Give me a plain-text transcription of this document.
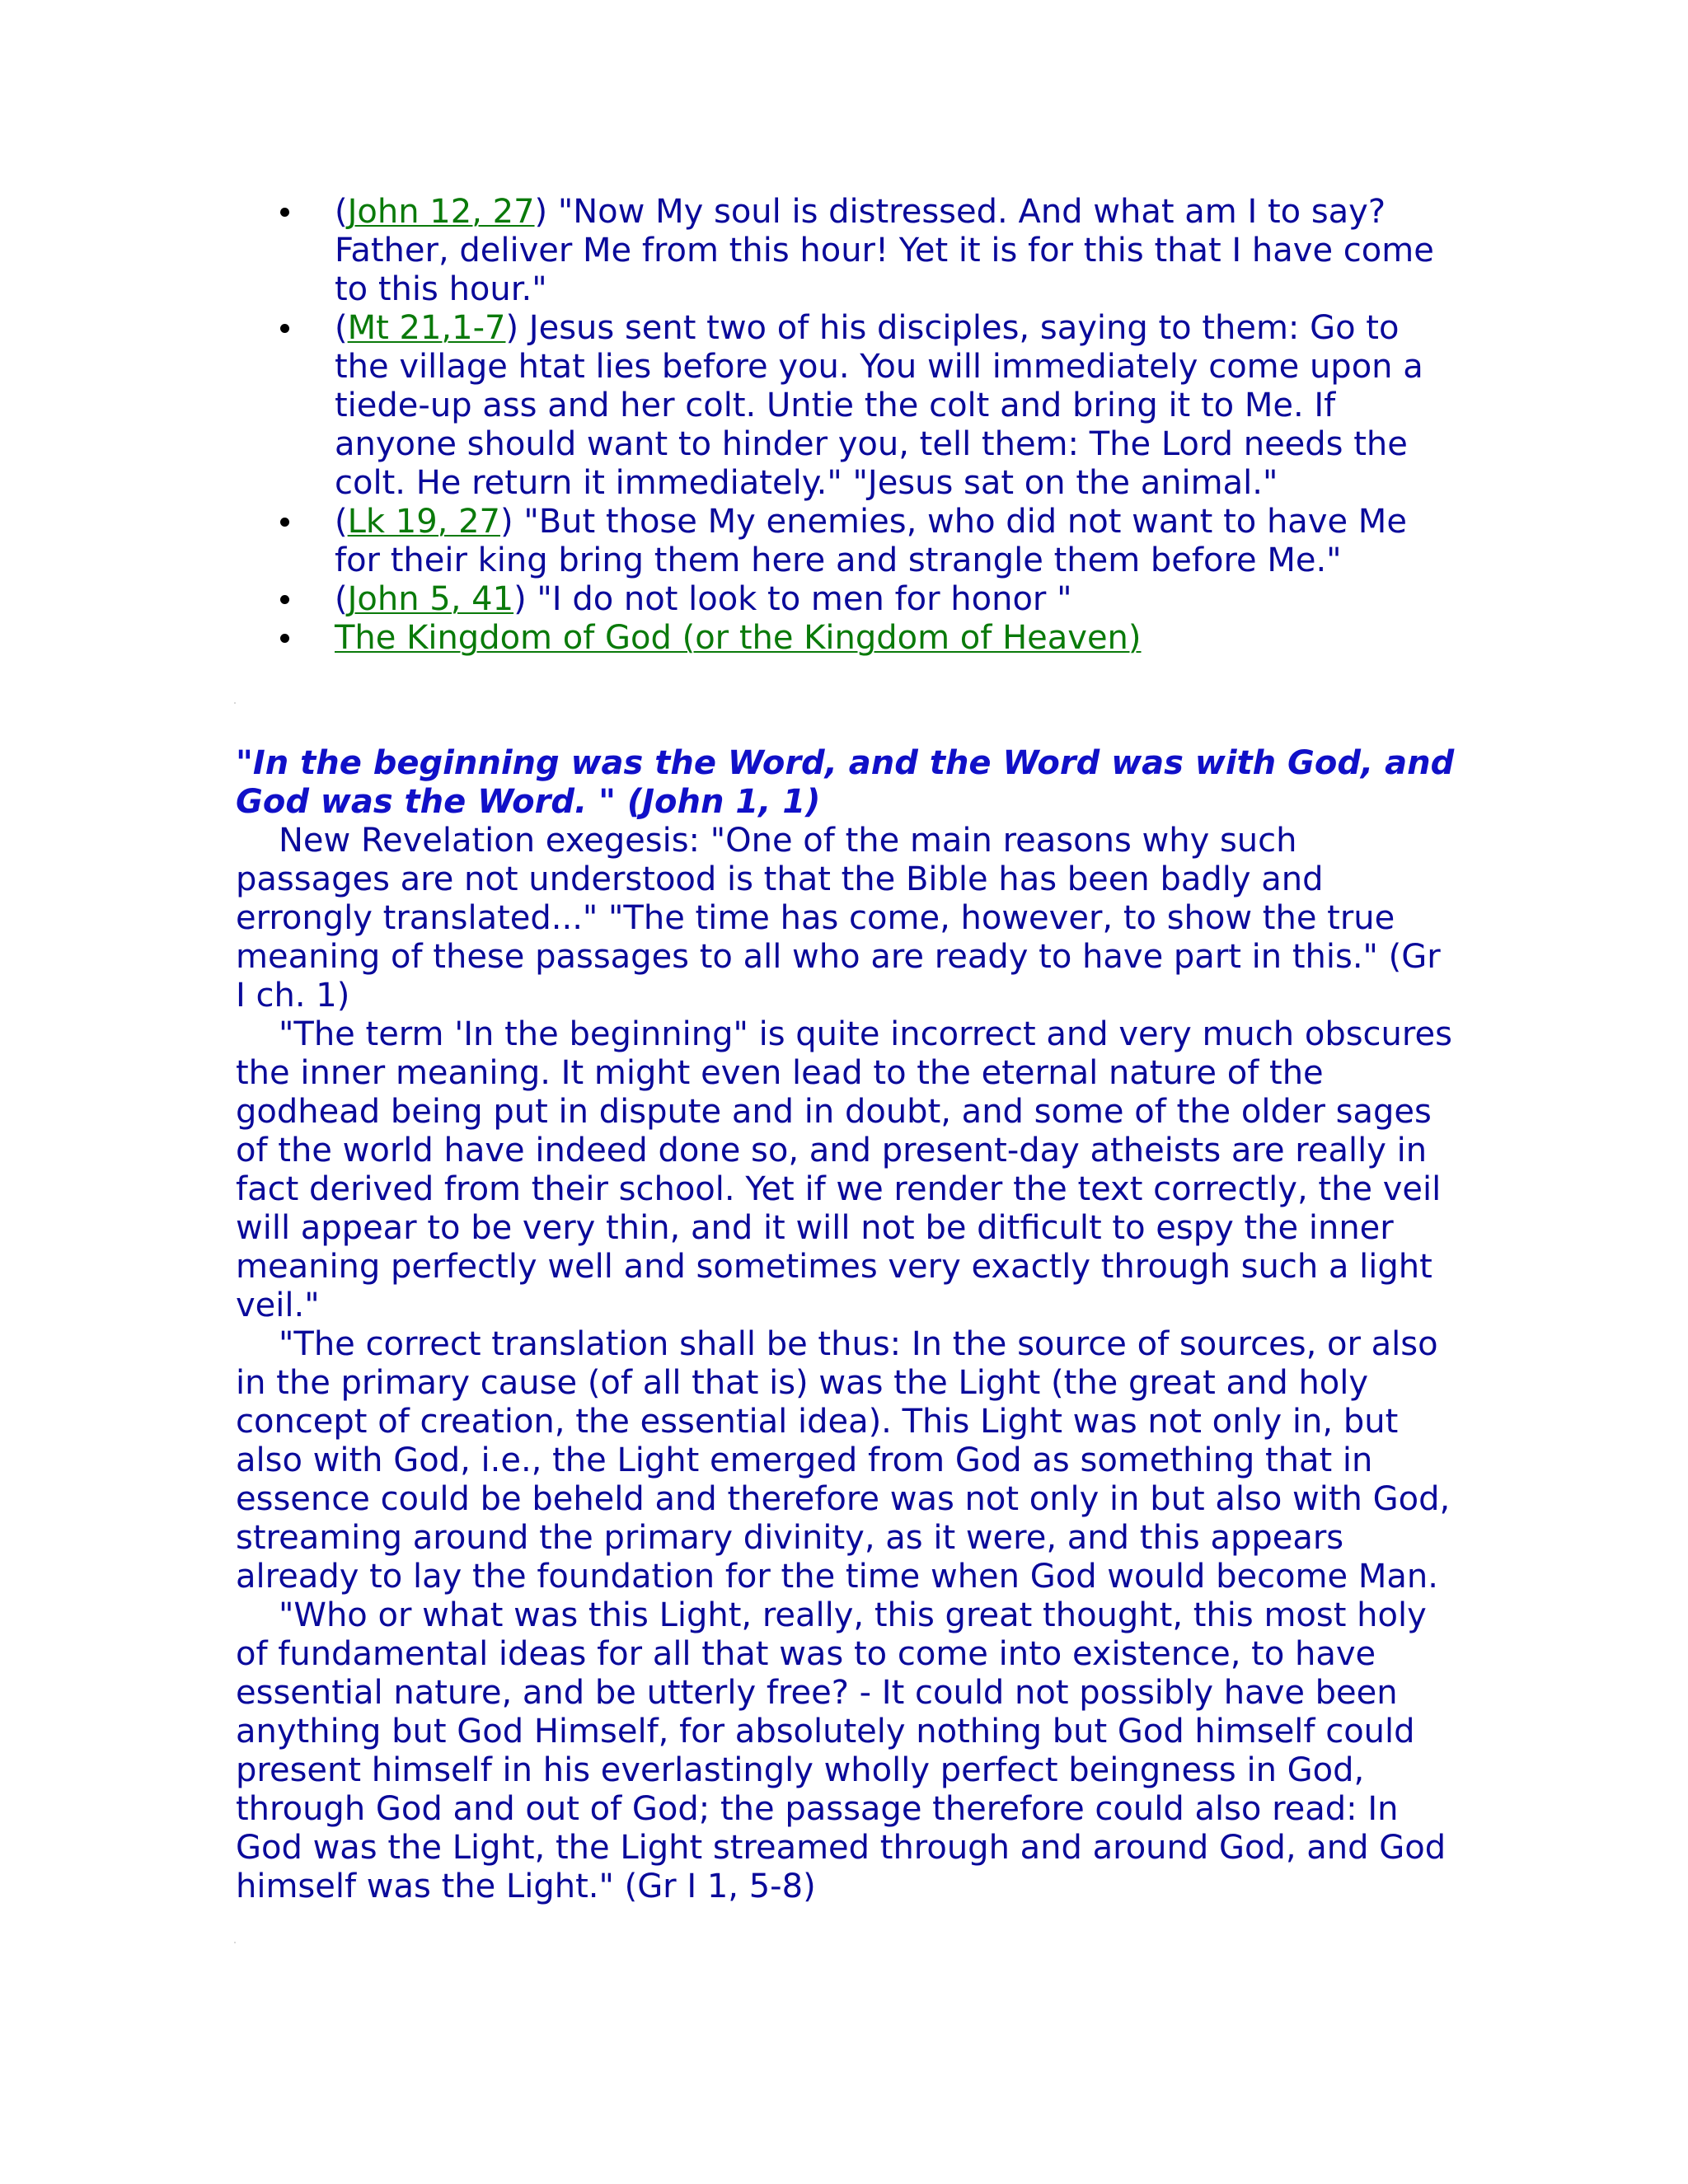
(John 12, 27) "Now My soul is distressed. And what am I to say? Father, deliver Me from this hour! Yet it is for this that I have come to this hour."
(Mt 21,1-7) Jesus sent two of his disciples, saying to them: Go to the village htat lies before you. You will immediately come upon a tiede-up ass and her colt. Untie the colt and bring it to Me. If anyone should want to hinder you, tell them: The Lord needs the colt. He return it immediately." "Jesus sat on the animal."
(Lk 19, 27) "But those My enemies, who did not want to have Me for their king bring them here and strangle them before Me."
(John 5, 41) "I do not look to men for honor "
The Kingdom of God (or the Kingdom of Heaven)

"In the beginning was the Word, and the Word was with God, and God was the Word. " (John 1, 1)

New Revelation exegesis: "One of the main reasons why such passages are not understood is that the Bible has been badly and errongly translated..." "The time has come, however, to show the true meaning of these passages to all who are ready to have part in this." (Gr I ch. 1)

"The term 'In the beginning" is quite incorrect and very much obscures the inner meaning. It might even lead to the eternal nature of the godhead being put in dispute and in doubt, and some of the older sages of the world have indeed done so, and present-day atheists are really in fact derived from their school. Yet if we render the text correctly, the veil will appear to be very thin, and it will not be ditficult to espy the inner meaning perfectly well and sometimes very exactly through such a light veil."

"The correct translation shall be thus: In the source of sources, or also in the primary cause (of all that is) was the Light (the great and holy concept of creation, the essential idea). This Light was not only in, but also with God, i.e., the Light emerged from God as something that in essence could be beheld and therefore was not only in but also with God, streaming around the primary divinity, as it were, and this appears already to lay the foundation for the time when God would become Man.

"Who or what was this Light, really, this great thought, this most holy of fundamental ideas for all that was to come into existence, to have essential nature, and be utterly free? - It could not possibly have been anything but God Himself, for absolutely nothing but God himself could present himself in his everlastingly wholly perfect beingness in God, through God and out of God; the passage therefore could also read: In God was the Light, the Light streamed through and around God, and God himself was the Light." (Gr I 1, 5-8)
